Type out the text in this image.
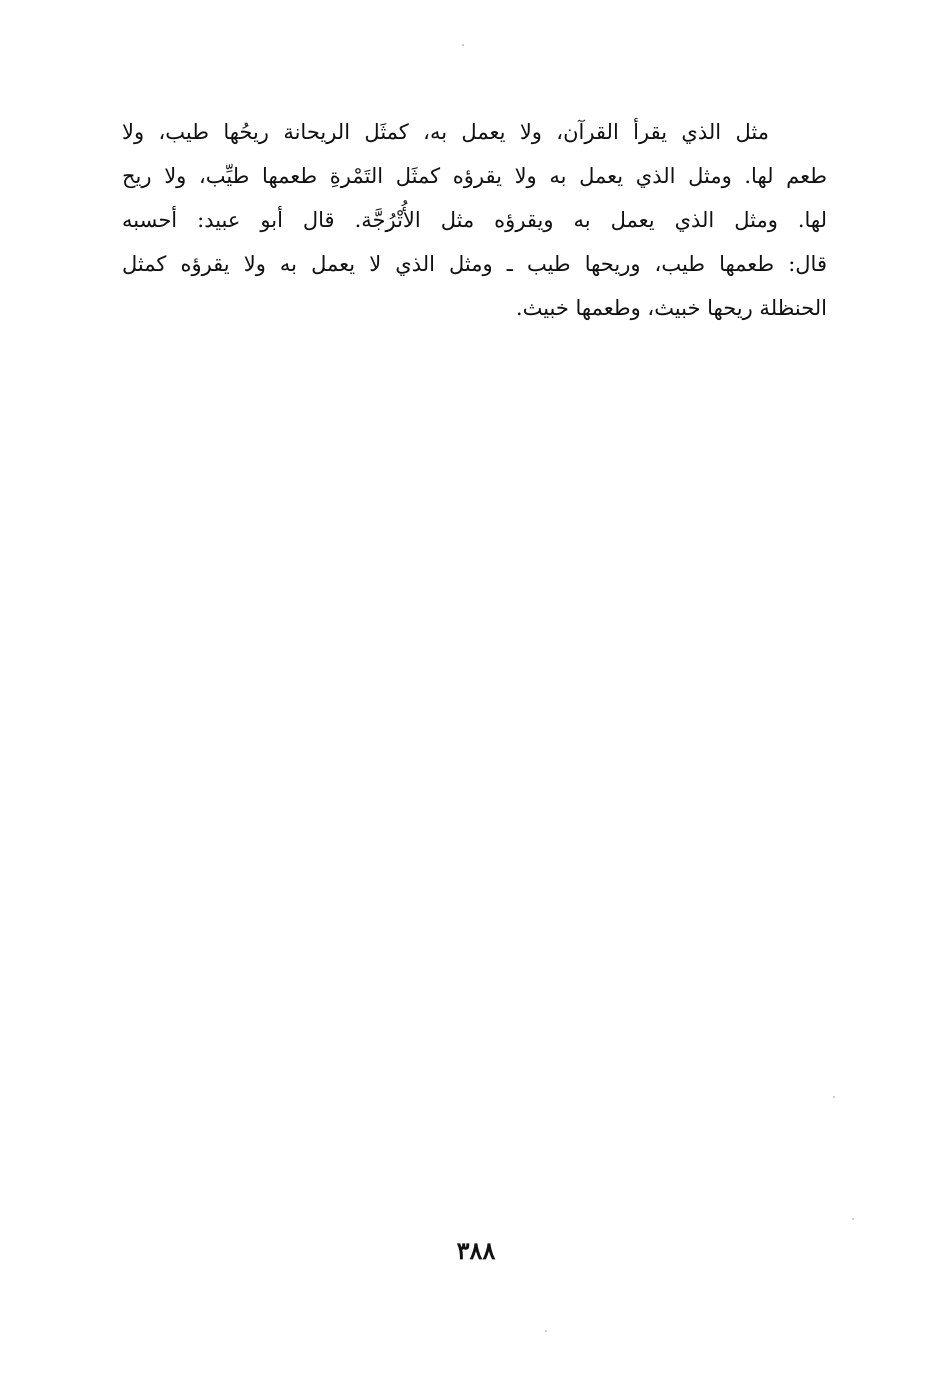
مثل الذي يقرأ القرآن، ولا يعمل به، كمثَل الريحانة ريحُها طيب، ولا
طعم لها. ومثل الذي يعمل به ولا يقرؤه كمثَل التَمْرةِ طعمها طيِّب، ولا ريح
لها. ومثل الذي يعمل به ويقرؤه مثل الأُتْرُجَّة. قال أبو عبيد: أحسبه
قال: طعمها طيب، وريحها طيب ـ ومثل الذي لا يعمل به ولا يقرؤه كمثل
الحنظلة ريحها خبيث، وطعمها خبيث.
٣٨٨
